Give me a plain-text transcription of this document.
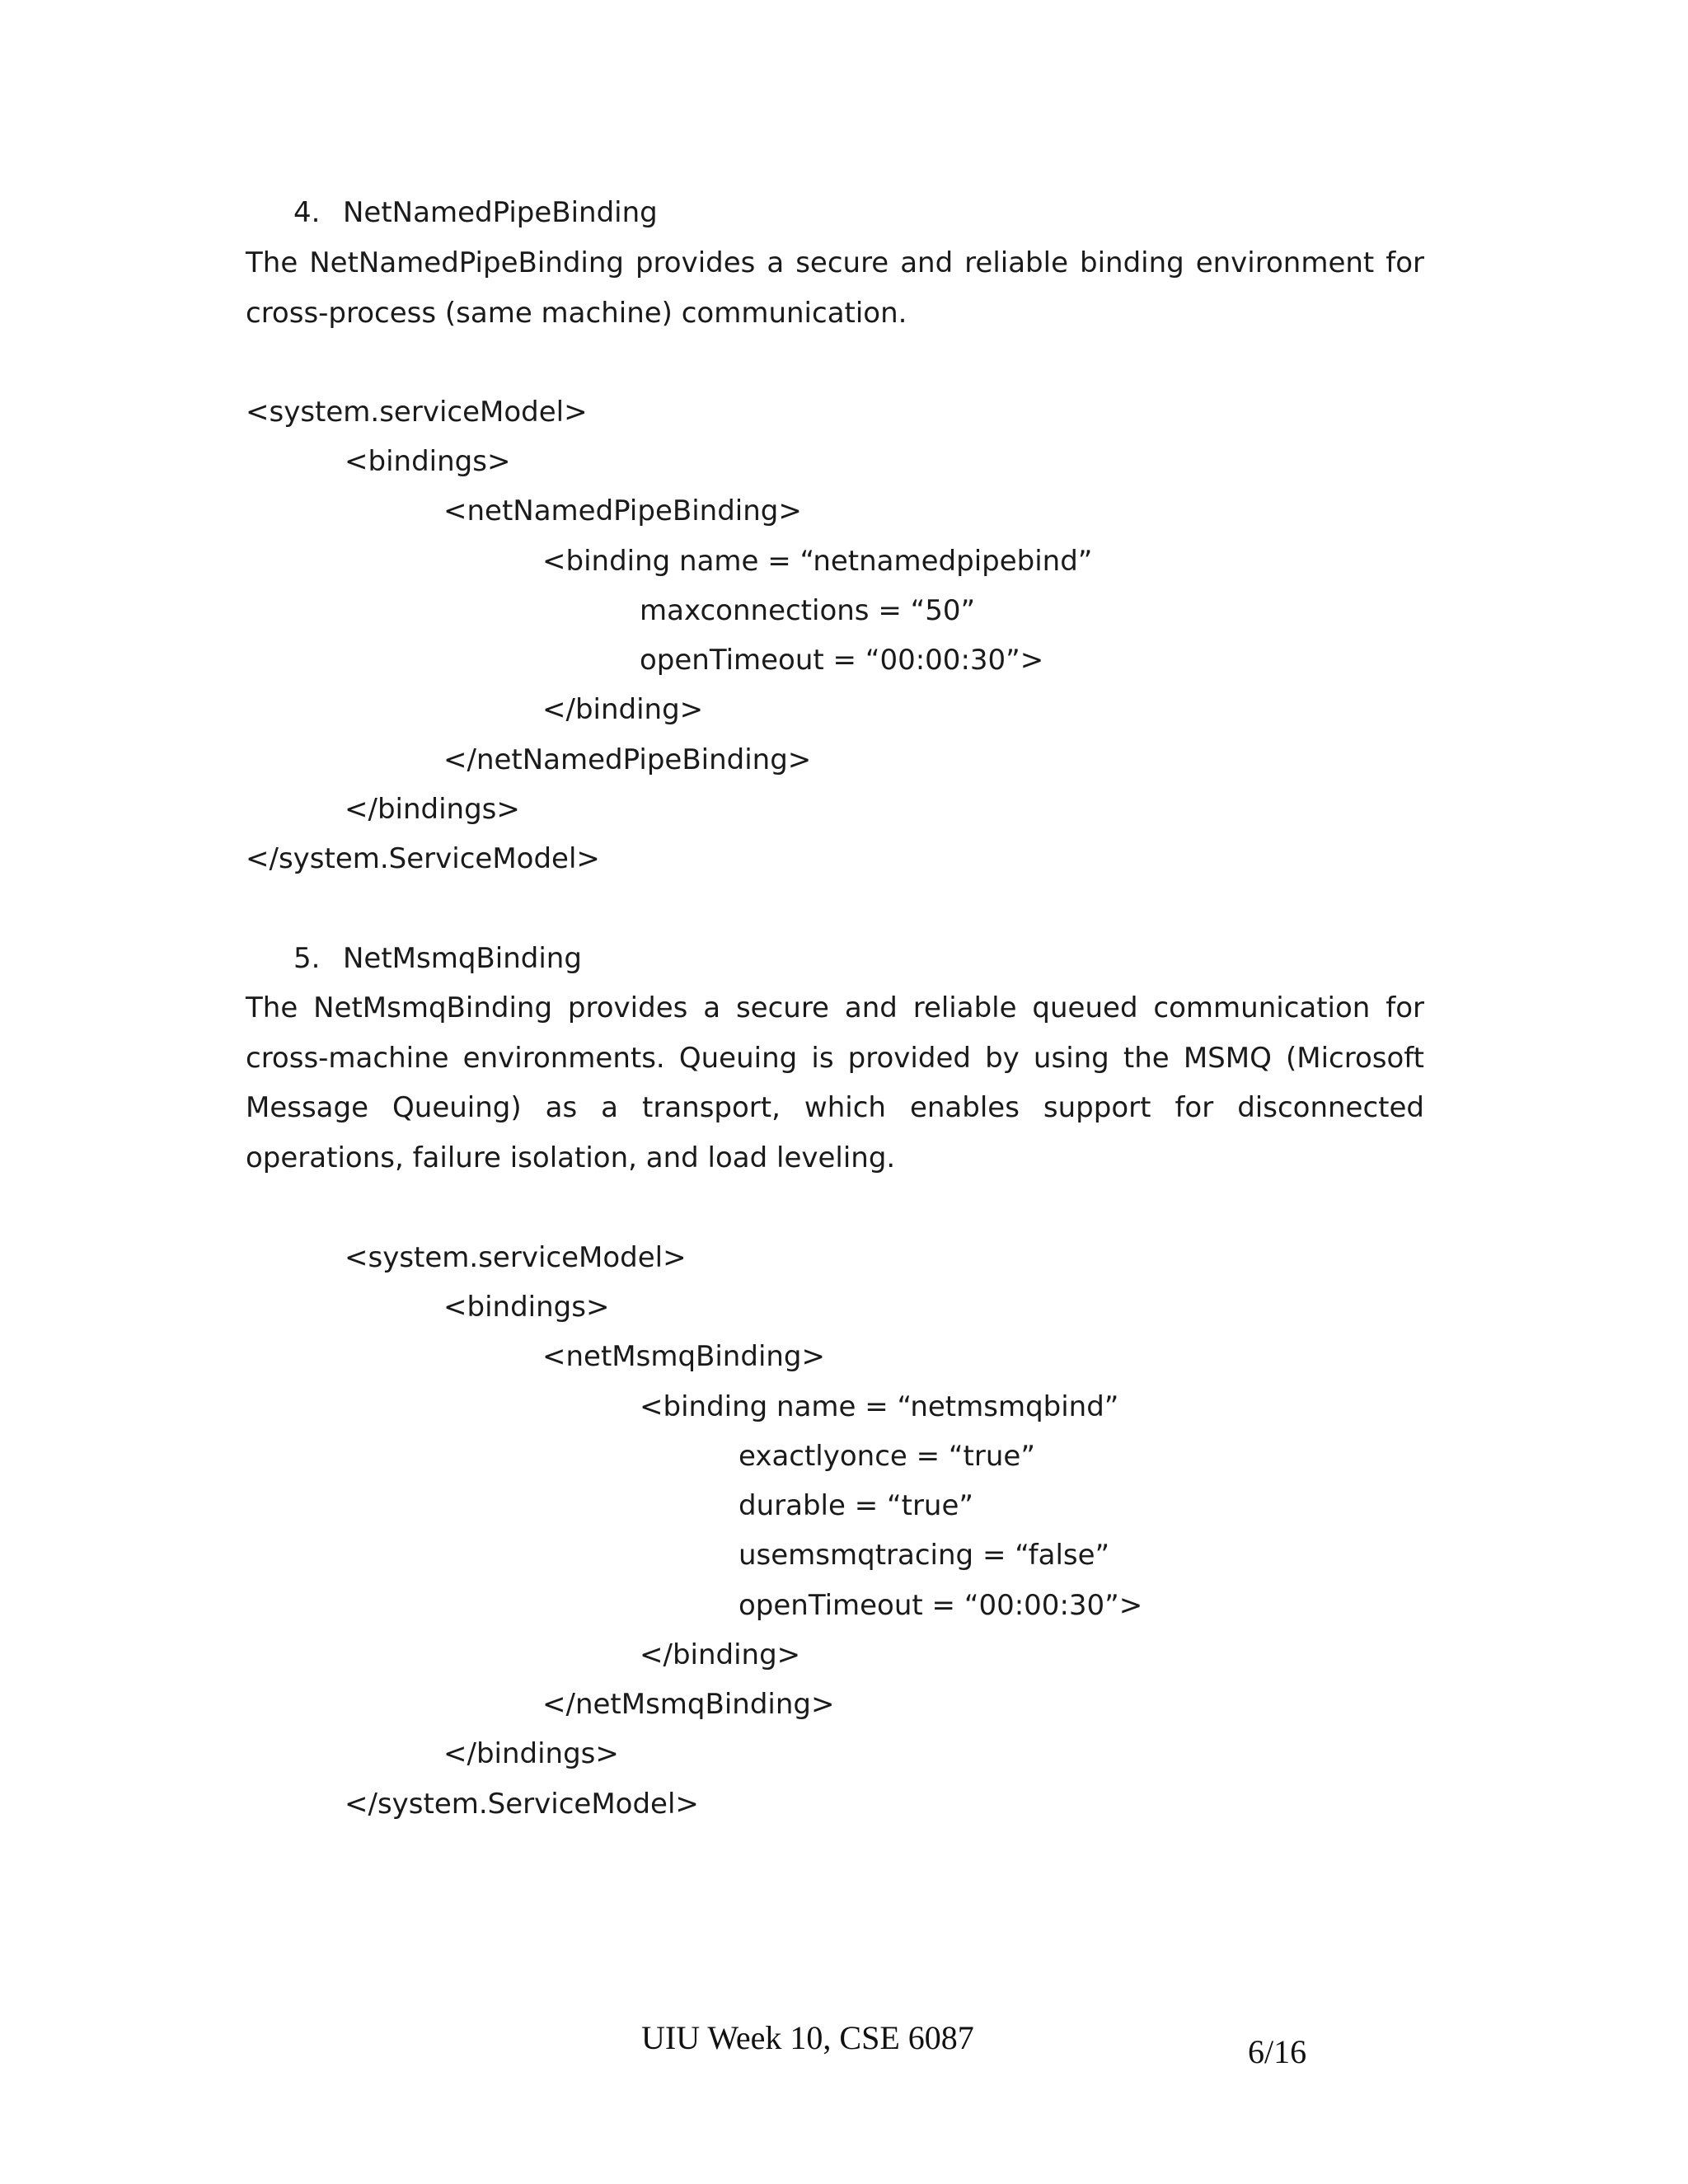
4. NetNamedPipeBinding
The NetNamedPipeBinding provides a secure and reliable binding environment for
cross-process (same machine) communication.
<system.serviceModel>
<bindings>
<netNamedPipeBinding>
<binding name = “netnamedpipebind”
maxconnections = “50”
openTimeout = “00:00:30”>
</binding>
</netNamedPipeBinding>
</bindings>
</system.ServiceModel>
5. NetMsmqBinding
The NetMsmqBinding provides a secure and reliable queued communication for
cross-machine environments. Queuing is provided by using the MSMQ (Microsoft
Message Queuing) as a transport, which enables support for disconnected
operations, failure isolation, and load leveling.
<system.serviceModel>
<bindings>
<netMsmqBinding>
<binding name = “netmsmqbind”
exactlyonce = “true”
durable = “true”
usemsmqtracing = “false”
openTimeout = “00:00:30”>
</binding>
</netMsmqBinding>
</bindings>
</system.ServiceModel>
UIU Week 10, CSE 6087	6/16
